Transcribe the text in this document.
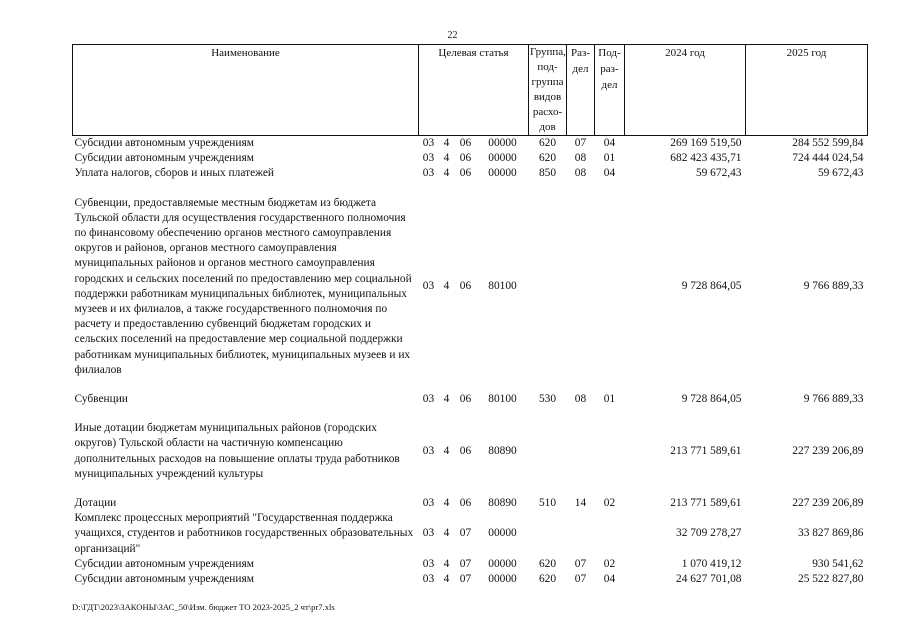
22
Наименование	Целевая статья				Группа, под-группа видов расхо-дов	Раз-дел	Под-раз-дел	2024 год	2025 год
Субсидии автономным учреждениям	03	4	06	00000	620	07	04	269 169 519,50	284 552 599,84
Субсидии автономным учреждениям	03	4	06	00000	620	08	01	682 423 435,71	724 444 024,54
Уплата налогов, сборов и иных платежей	03	4	06	00000	850	08	04	59 672,43	59 672,43

Субвенции, предоставляемые местным бюджетам из бюджета Тульской области для осуществления государственного полномочия по финансовому обеспечению органов местного самоуправления округов и районов, органов местного самоуправления муниципальных районов и органов местного самоуправления городских и сельских поселений по предоставлению мер социальной поддержки работникам муниципальных библиотек, муниципальных музеев и их филиалов, а также государственного полномочия по расчету и предоставлению субвенций бюджетам городских и сельских поселений на предоставление мер социальной поддержки работникам муниципальных библиотек, муниципальных музеев и их филиалов	03	4	06	80100				9 728 864,05	9 766 889,33

Субвенции	03	4	06	80100	530	08	01	9 728 864,05	9 766 889,33

Иные дотации бюджетам муниципальных районов (городских округов) Тульской области на частичную компенсацию дополнительных расходов на повышение оплаты труда работников муниципальных учреждений культуры	03	4	06	80890				213 771 589,61	227 239 206,89

Дотации	03	4	06	80890	510	14	02	213 771 589,61	227 239 206,89
Комплекс процессных мероприятий "Государственная поддержка учащихся, студентов и работников государственных образовательных организаций"	03	4	07	00000				32 709 278,27	33 827 869,86
Субсидии автономным учреждениям	03	4	07	00000	620	07	02	1 070 419,12	930 541,62
Субсидии автономным учреждениям	03	4	07	00000	620	07	04	24 627 701,08	25 522 827,80
D:\ГДТ\2023\ЗАКОНЫ\ЗАС_50\Изм. бюджет ТО 2023-2025_2 чт\pr7.xls
